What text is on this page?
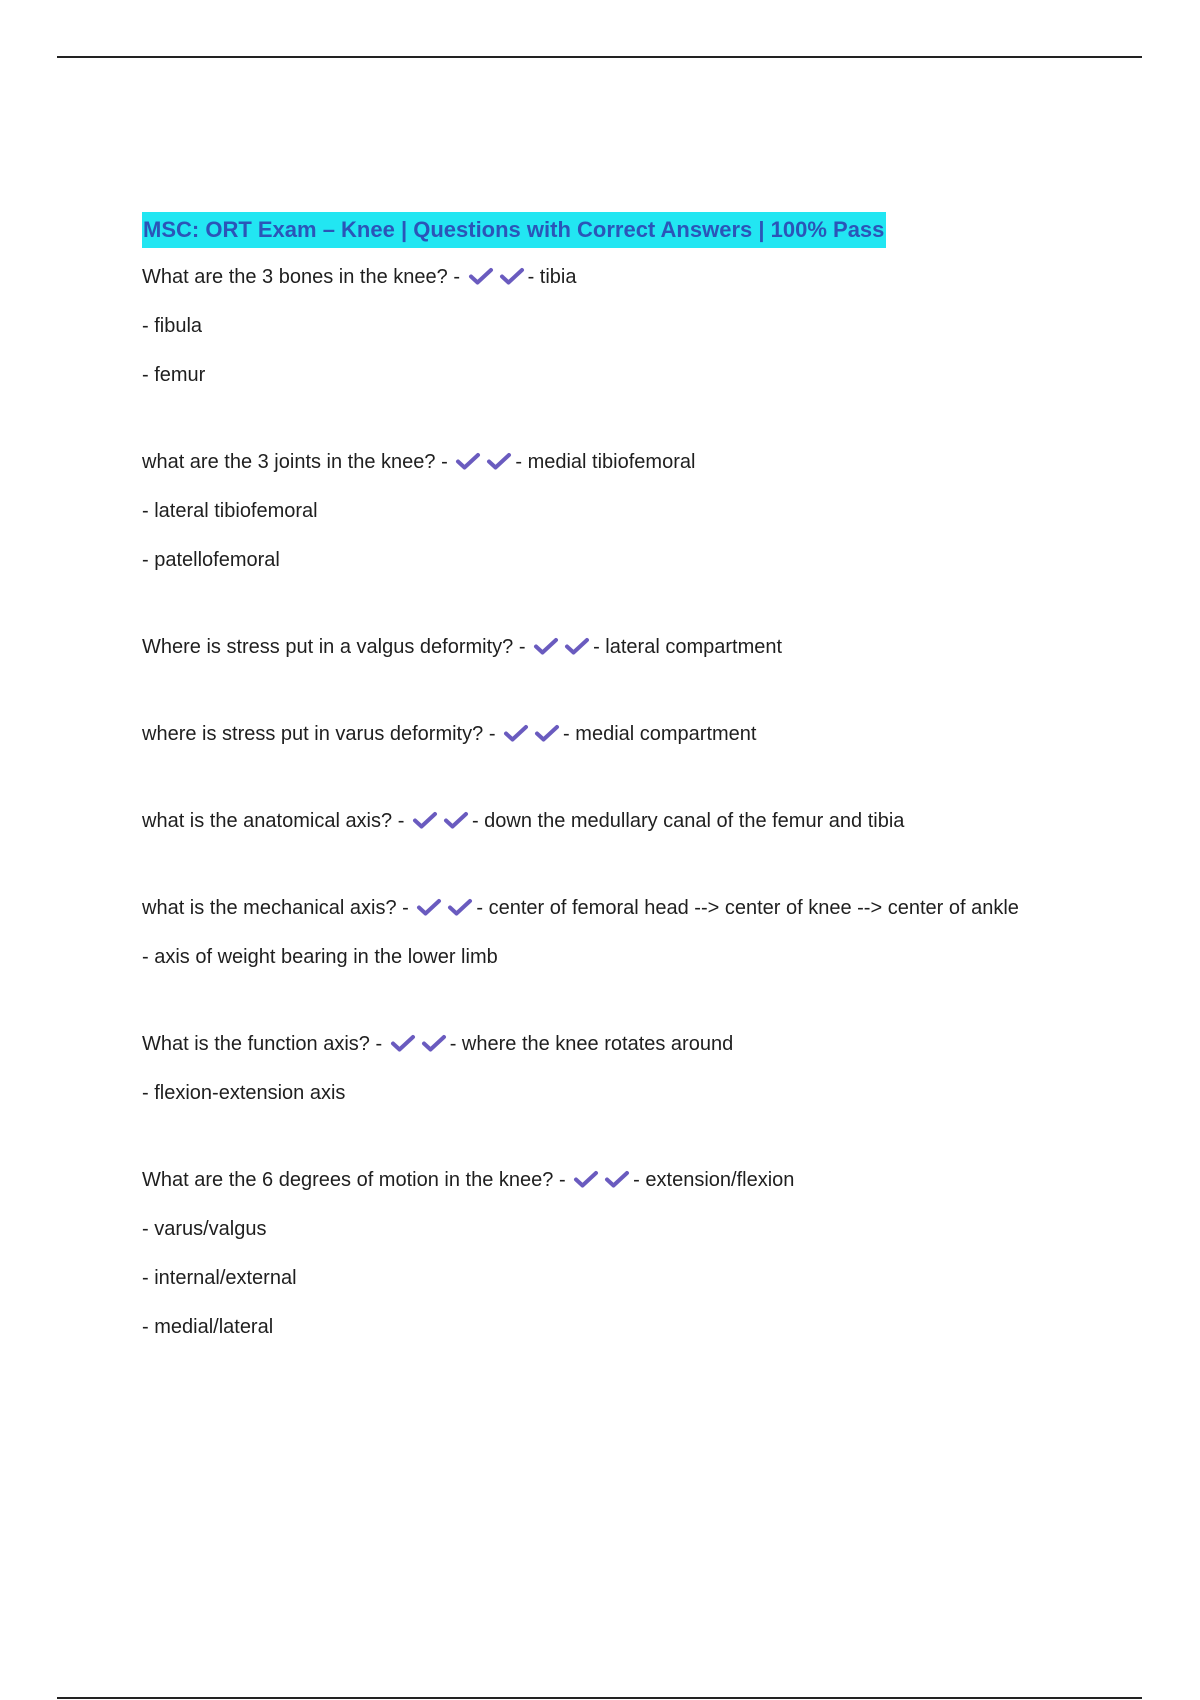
MSC: ORT Exam – Knee | Questions with Correct Answers | 100% Pass
What are the 3 bones in the knee? -	- tibia
- fibula
- femur
what are the 3 joints in the knee? -	- medial tibiofemoral
- lateral tibiofemoral
- patellofemoral
Where is stress put in a valgus deformity? -	- lateral compartment
where is stress put in varus deformity? -	- medial compartment
what is the anatomical axis? -	- down the medullary canal of the femur and tibia
what is the mechanical axis? -	- center of femoral head --> center of knee --> center of ankle
- axis of weight bearing in the lower limb
What is the function axis? -	- where the knee rotates around
- flexion-extension axis
What are the 6 degrees of motion in the knee? -	- extension/flexion
- varus/valgus
- internal/external
- medial/lateral
